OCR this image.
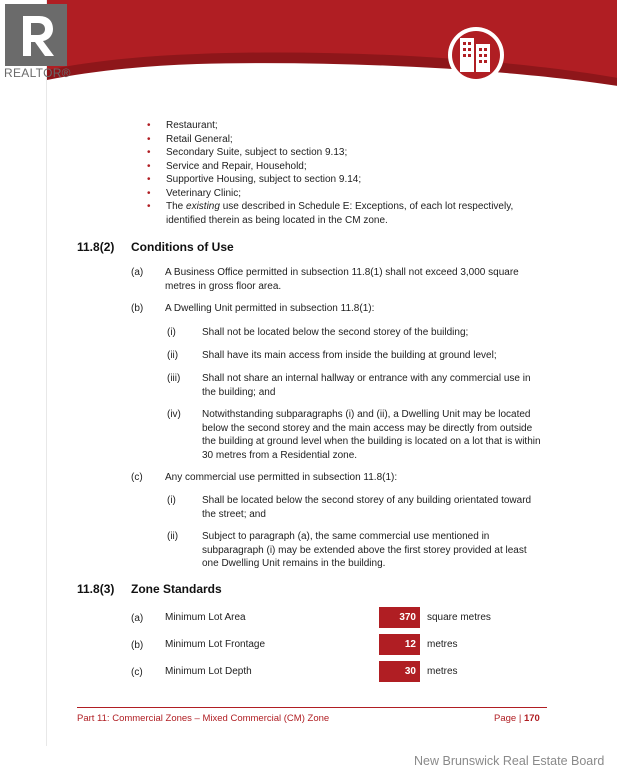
• Restaurant;
• Retail General;
• Secondary Suite, subject to section 9.13;
• Service and Repair, Household;
• Supportive Housing, subject to section 9.14;
• Veterinary Clinic;
• The existing use described in Schedule E: Exceptions, of each lot respectively,
identified therein as being located in the CM zone.
11.8(2) Conditions of Use
(a) A Business Office permitted in subsection 11.8(1) shall not exceed 3,000 square
metres in gross floor area.
(b) A Dwelling Unit permitted in subsection 11.8(1):
(i)	Shall not be located below the second storey of the building;
(ii) Shall have its main access from inside the building at ground level;
(iii) Shall not share an internal hallway or entrance with any commercial use in
the building; and
(iv) Notwithstanding subparagraphs (i) and (ii), a Dwelling Unit may be located
below the second storey and the main access may be directly from outside
the building at ground level when the building is located on a lot that is within
30 metres from a Residential zone.
(c) Any commercial use permitted in subsection 11.8(1):
(i)	Shall be located below the second storey of any building orientated toward
the street; and
(ii) Subject to paragraph (a), the same commercial use mentioned in
subparagraph (i) may be extended above the first storey provided at least
one Dwelling Unit remains in the building.
11.8(3) Zone Standards
(a) Minimum Lot Area	370	square metres
(b) Minimum Lot Frontage	12	metres
(c) Minimum Lot Depth	30	metres
Part 11: Commercial Zones – Mixed Commercial (CM) Zone	Page | 170
REALTOR®
New Brunswick Real Estate Board
